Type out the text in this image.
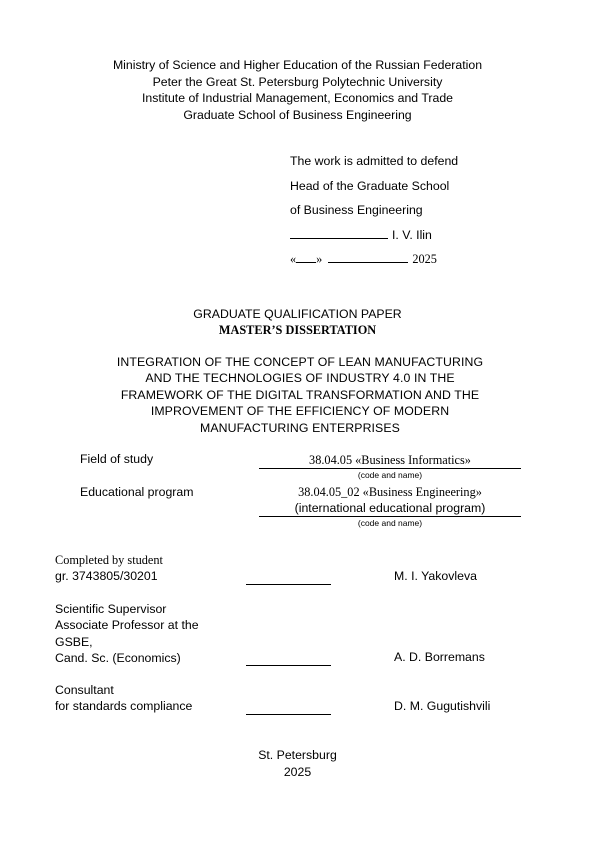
Ministry of Science and Higher Education of the Russian Federation
Peter the Great St. Petersburg Polytechnic University
Institute of Industrial Management, Economics and Trade
Graduate School of Business Engineering
The work is admitted to defend
Head of the Graduate School
of Business Engineering
I. V. Ilin
« »	2025
GRADUATE QUALIFICATION PAPER
MASTER’S DISSERTATION
INTEGRATION OF THE CONCEPT OF LEAN MANUFACTURING
AND THE TECHNOLOGIES OF INDUSTRY 4.0 IN THE
FRAMEWORK OF THE DIGITAL TRANSFORMATION AND THE
IMPROVEMENT OF THE EFFICIENCY OF MODERN
MANUFACTURING ENTERPRISES
Field of study	38.04.05 «Business Informatics»
(code and name)
Educational program	38.04.05_02 «Business Engineering»
(international educational program)
(code and name)
Completed by student
gr. 3743805/30201	M. I. Yakovleva
Scientific Supervisor
Associate Professor at the
GSBE,
Cand. Sc. (Economics)	A. D. Borremans
Consultant
for standards compliance	D. M. Gugutishvili
St. Petersburg
2025
